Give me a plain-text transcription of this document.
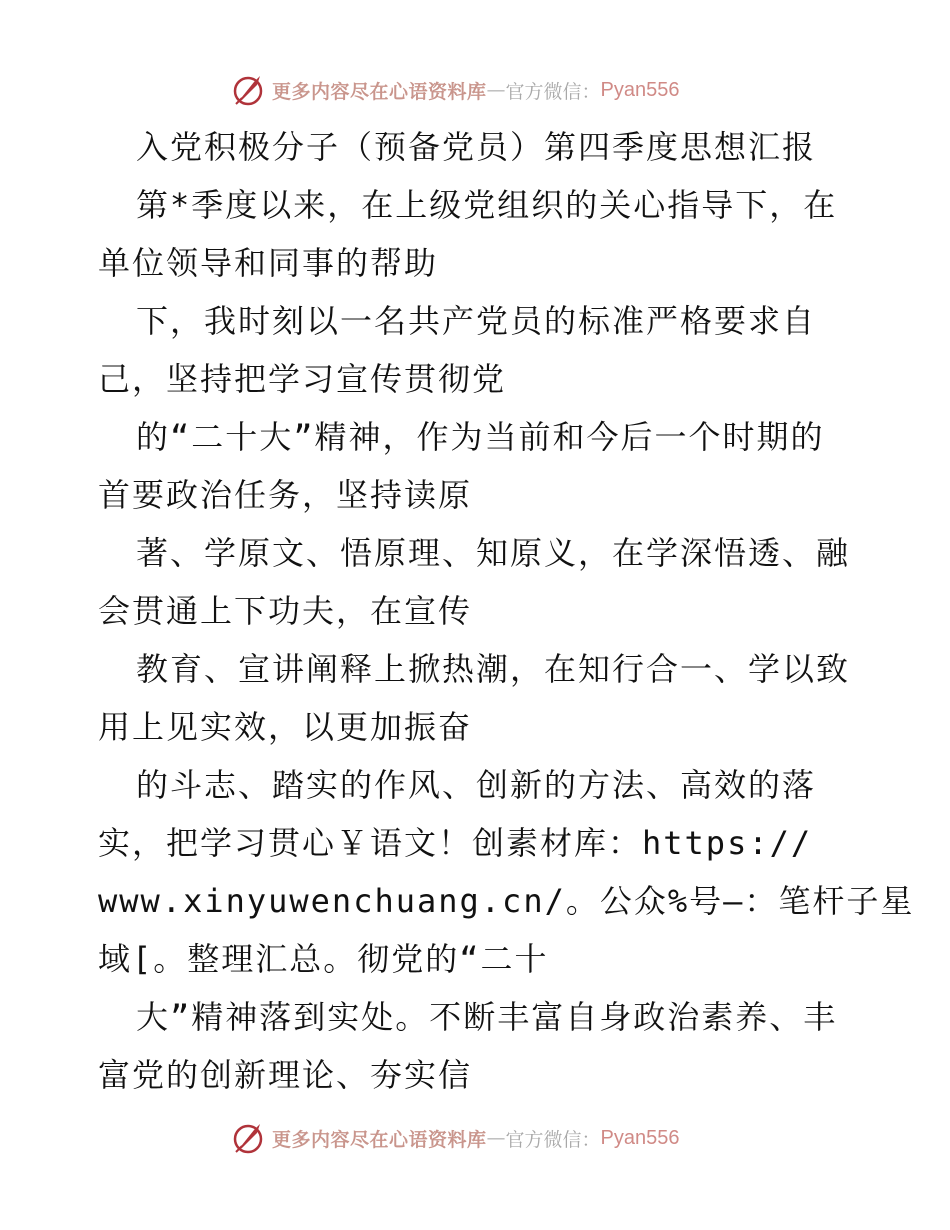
更多内容尽在心语资料库 — 官方微信： Pyan556
入党积极分子（预备党员）第四季度思想汇报
第*季度以来，在上级党组织的关心指导下，在
单位领导和同事的帮助
下，我时刻以一名共产党员的标准严格要求自
己，坚持把学习宣传贯彻党
的“二十大”精神，作为当前和今后一个时期的
首要政治任务，坚持读原
著、学原文、悟原理、知原义，在学深悟透、融
会贯通上下功夫，在宣传
教育、宣讲阐释上掀热潮，在知行合一、学以致
用上见实效，以更加振奋
的斗志、踏实的作风、创新的方法、高效的落
实，把学习贯心￥语文！创素材库：https://
www.xinyuwenchuang.cn/。公众%号—：笔杆子星
域[。整理汇总。彻党的“二十
大”精神落到实处。不断丰富自身政治素养、丰
富党的创新理论、夯实信
更多内容尽在心语资料库 — 官方微信： Pyan556
